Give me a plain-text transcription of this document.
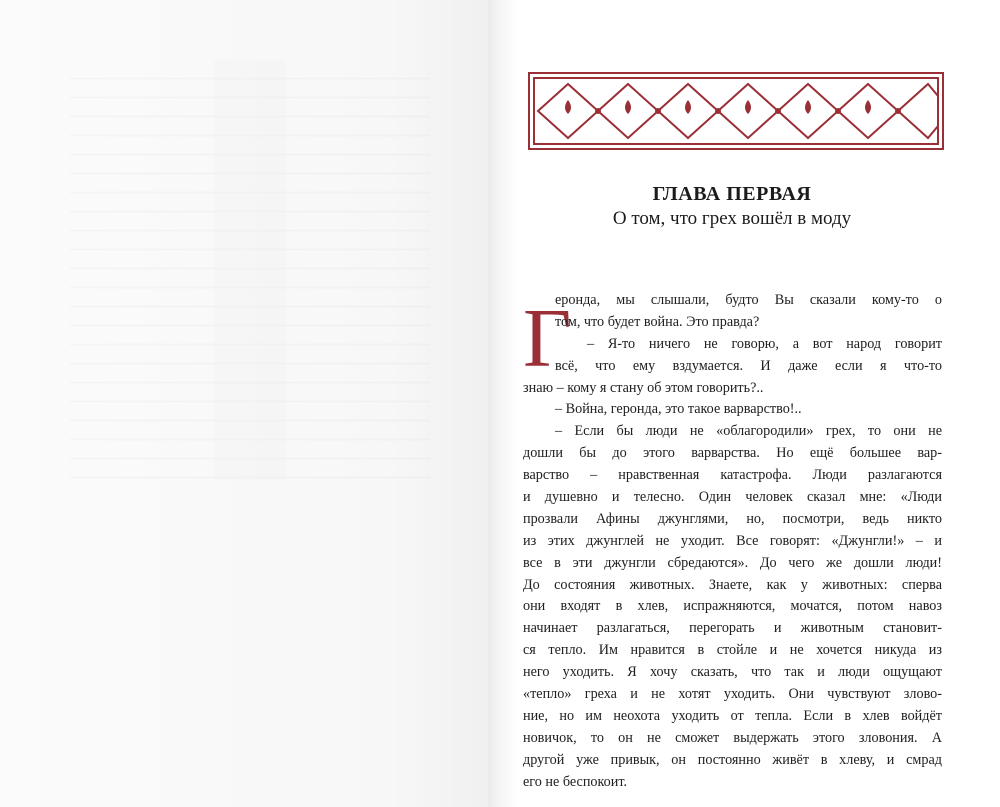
ГЛАВА ПЕРВАЯ
О том, что грех вошёл в моду
Г
еронда, мы слышали, будто Вы сказали кому-то о
том, что будет война. Это правда?
– Я-то ничего не говорю, а вот народ говорит
всё, что ему вздумается. И даже если я что-то
знаю – кому я стану об этом говорить?..
– Война, геронда, это такое варварство!..
– Если бы люди не «облагородили» грех, то они не
дошли бы до этого варварства. Но ещё большее вар-
варство – нравственная катастрофа. Люди разлагаются
и душевно и телесно. Один человек сказал мне: «Люди
прозвали Афины джунглями, но, посмотри, ведь никто
из этих джунглей не уходит. Все говорят: «Джунгли!» – и
все в эти джунгли сбредаются». До чего же дошли люди!
До состояния животных. Знаете, как у животных: сперва
они входят в хлев, испражняются, мочатся, потом навоз
начинает разлагаться, перегорать и животным становит-
ся тепло. Им нравится в стойле и не хочется никуда из
него уходить. Я хочу сказать, что так и люди ощущают
«тепло» греха и не хотят уходить. Они чувствуют злово-
ние, но им неохота уходить от тепла. Если в хлев войдёт
новичок, то он не сможет выдержать этого зловония. А
другой уже привык, он постоянно живёт в хлеву, и смрад
его не беспокоит.
